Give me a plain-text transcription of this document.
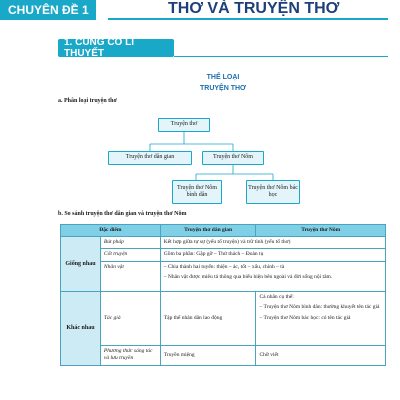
CHUYÊN ĐỀ 1	THƠ VÀ TRUYỆN THƠ
1. CỦNG CỐ LÍ THUYẾT
THỂ LOẠI
TRUYỆN THƠ
a. Phân loại truyện thơ
Truyện thơ
Truyện thơ dân gian	Truyện thơ Nôm
Truyện thơ Nôm bình dân
Truyện thơ Nôm bác học
b. So sánh truyện thơ dân gian và truyện thơ Nôm
Đặc điểm		Truyện thơ dân gian	Truyện thơ Nôm
Giống nhau	Bút pháp	Kết hợp giữa tự sự (yếu tố truyện) và trữ tình (yếu tố thơ)	
	Cốt truyện	Gồm ba phần: Gặp gỡ – Thử thách – Đoàn tụ	
	Nhân vật	– Chia thành hai tuyến: thiện – ác, tốt – xấu, chính – tà
– Nhân vật được miêu tả thông qua biểu hiện bên ngoài và đời sống nội tâm.	

Khác nhau	Tác giả	Tập thể nhân dân lao động	Cá nhân cụ thể:
– Truyện thơ Nôm bình dân: thường khuyết tên tác giả
– Truyện thơ Nôm bác học: có tên tác giả

	Phương thức sáng tác và lưu truyền	Truyền miệng	Chữ viết
